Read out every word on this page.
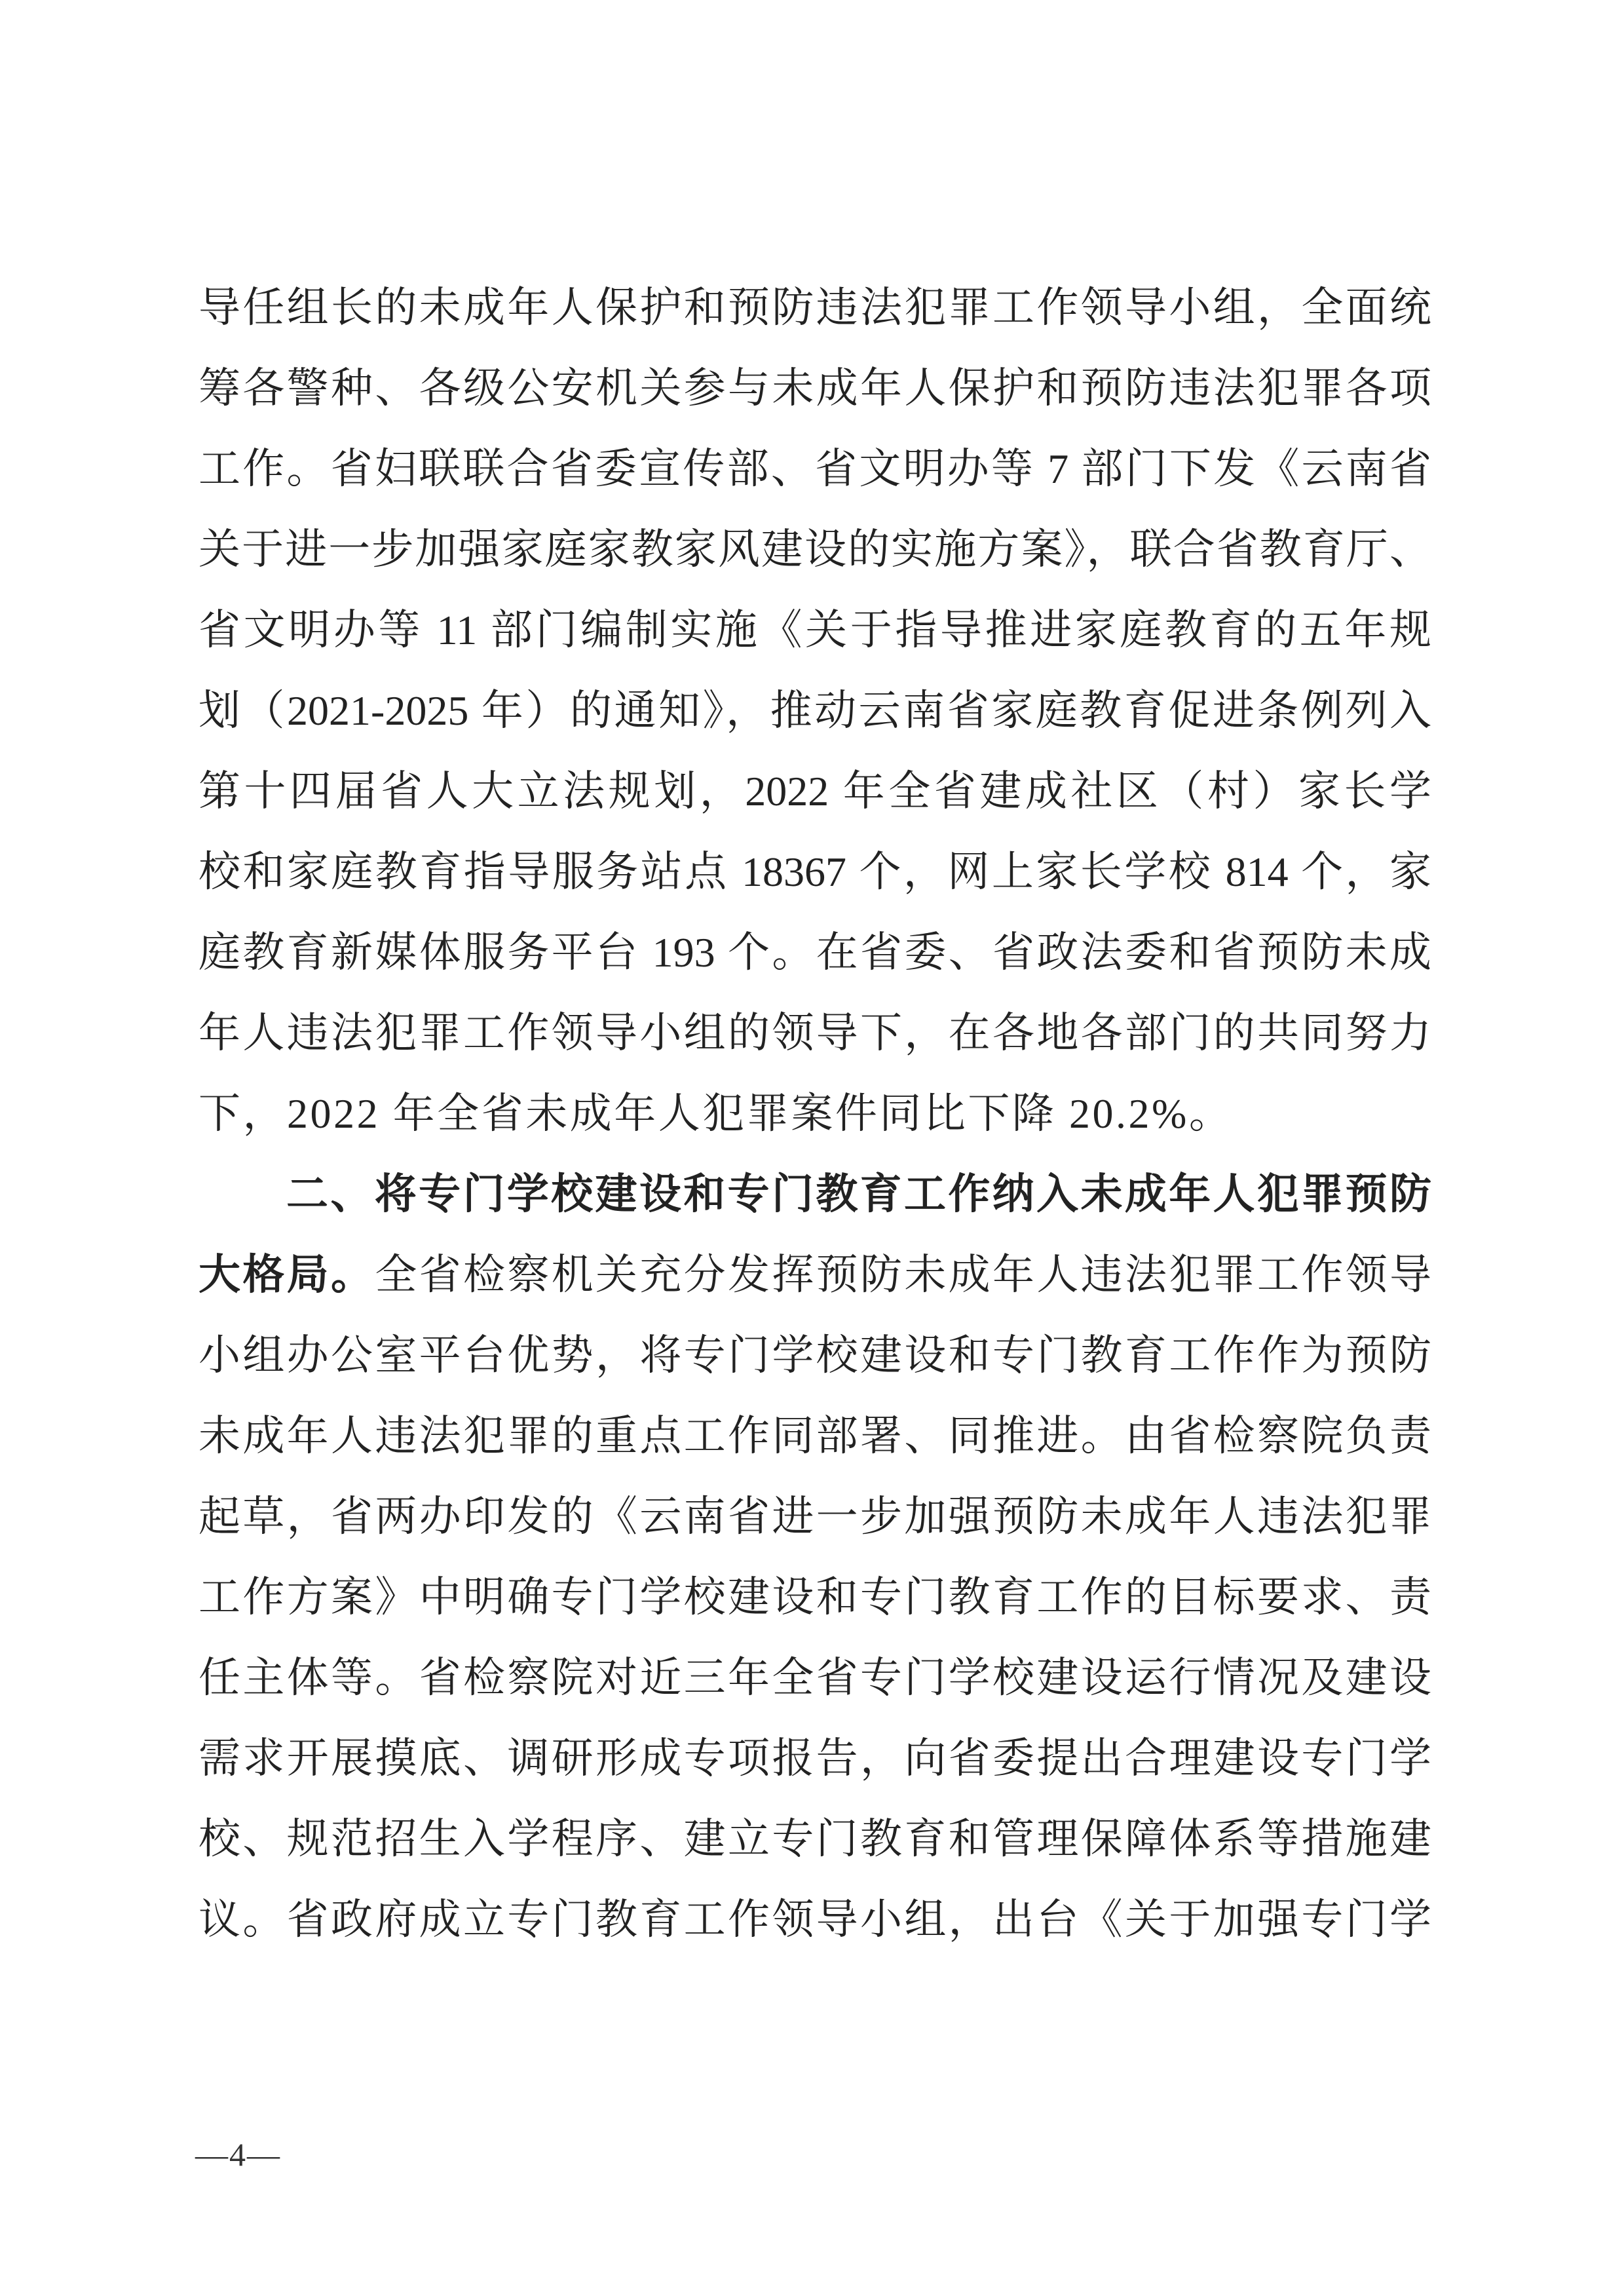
导任组长的未成年人保护和预防违法犯罪工作领导小组，全面统
筹各警种、各级公安机关参与未成年人保护和预防违法犯罪各项
工作。省妇联联合省委宣传部、省文明办等 7 部门下发《云南省
关于进一步加强家庭家教家风建设的实施方案》，联合省教育厅、
省文明办等 11 部门编制实施《关于指导推进家庭教育的五年规
划（2021-2025 年）的通知》，推动云南省家庭教育促进条例列入
第十四届省人大立法规划，2022 年全省建成社区（村）家长学
校和家庭教育指导服务站点 18367 个，网上家长学校 814 个，家
庭教育新媒体服务平台 193 个。在省委、省政法委和省预防未成
年人违法犯罪工作领导小组的领导下，在各地各部门的共同努力
下，2022 年全省未成年人犯罪案件同比下降 20.2%。
二、将专门学校建设和专门教育工作纳入未成年人犯罪预防
大格局。全省检察机关充分发挥预防未成年人违法犯罪工作领导
小组办公室平台优势，将专门学校建设和专门教育工作作为预防
未成年人违法犯罪的重点工作同部署、同推进。由省检察院负责
起草，省两办印发的《云南省进一步加强预防未成年人违法犯罪
工作方案》中明确专门学校建设和专门教育工作的目标要求、责
任主体等。省检察院对近三年全省专门学校建设运行情况及建设
需求开展摸底、调研形成专项报告，向省委提出合理建设专门学
校、规范招生入学程序、建立专门教育和管理保障体系等措施建
议。省政府成立专门教育工作领导小组，出台《关于加强专门学
—4—
